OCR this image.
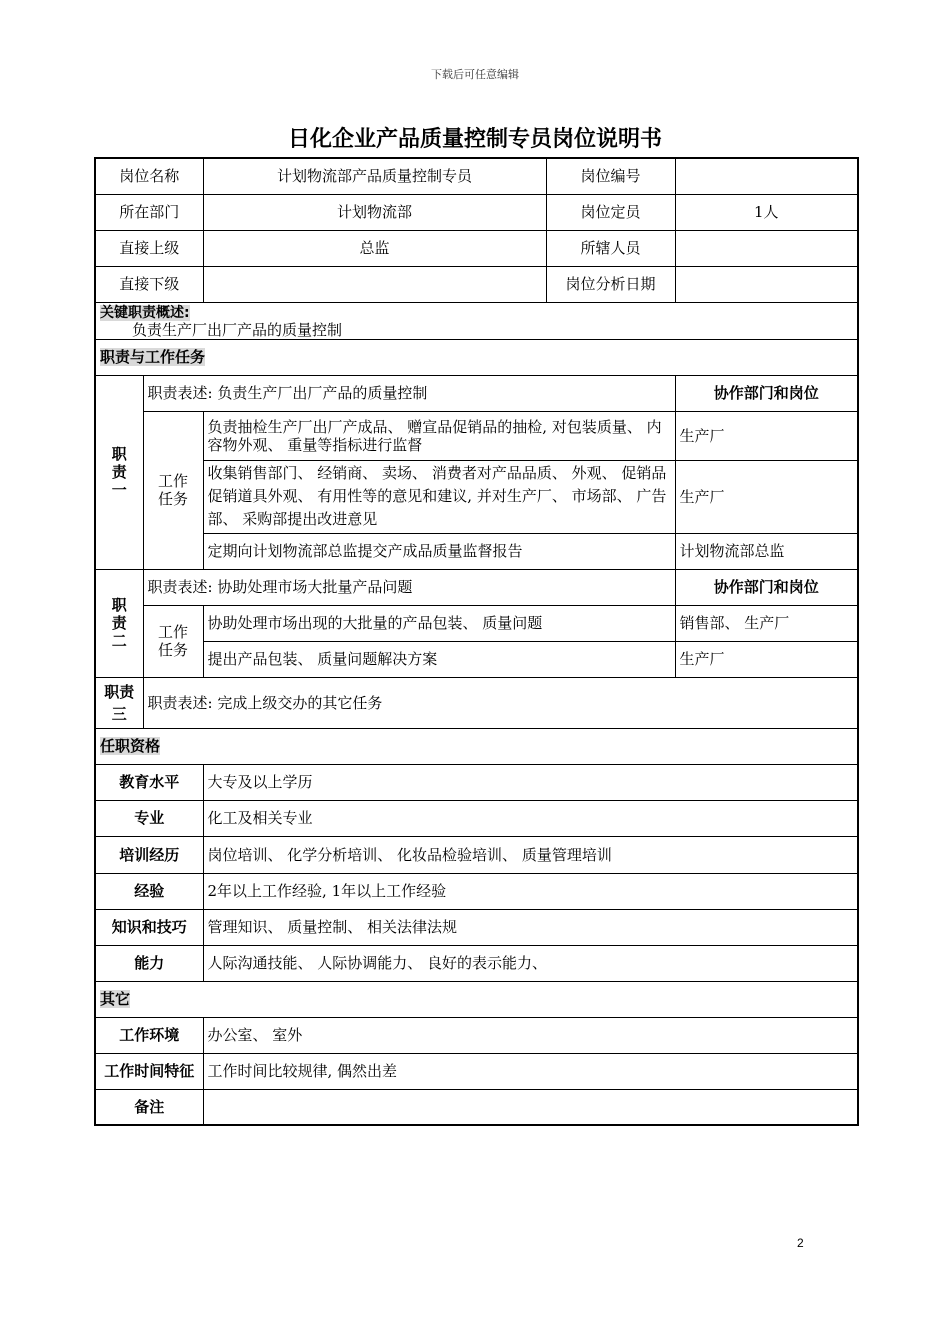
下载后可任意编辑
日化企业产品质量控制专员岗位说明书
岗位名称		计划物流部产品质量控制专员	岗位编号	
所在部门		计划物流部	岗位定员	1人
直接上级		总监	所辖人员	
直接下级			岗位分析日期	

关键职责概述:
负责生产厂出厂产品的质量控制				

职责与工作任务				

职责一	职责表述: 负责生产厂出厂产品的质量控制			协作部门和岗位

	工作任务	负责抽检生产厂出厂产成品、 赠宣品促销品的抽检, 对包装质量、 内容物外观、 重量等指标进行监督		生产厂
		收集销售部门、 经销商、 卖场、 消费者对产品品质、 外观、 促销品促销道具外观、 有用性等的意见和建议, 并对生产厂、 市场部、 广告部、 采购部提出改进意见		生产厂
		定期向计划物流部总监提交产成品质量监督报告		计划物流部总监

职责二	职责表述: 协助处理市场大批量产品问题			协作部门和岗位

	工作任务	协助处理市场出现的大批量的产品包装、 质量问题		销售部、 生产厂
		提出产品包装、 质量问题解决方案		生产厂

职责三	职责表述: 完成上级交办的其它任务			
任职资格				
教育水平		大专及以上学历		
专业		化工及相关专业		
培训经历		岗位培训、 化学分析培训、 化妆品检验培训、 质量管理培训		
经验		2年以上工作经验, 1年以上工作经验		
知识和技巧		管理知识、 质量控制、 相关法律法规		
能力		人际沟通技能、 人际协调能力、 良好的表示能力、		
其它				
工作环境		办公室、 室外		
工作时间特征		工作时间比较规律, 偶然出差		
备注				
2
